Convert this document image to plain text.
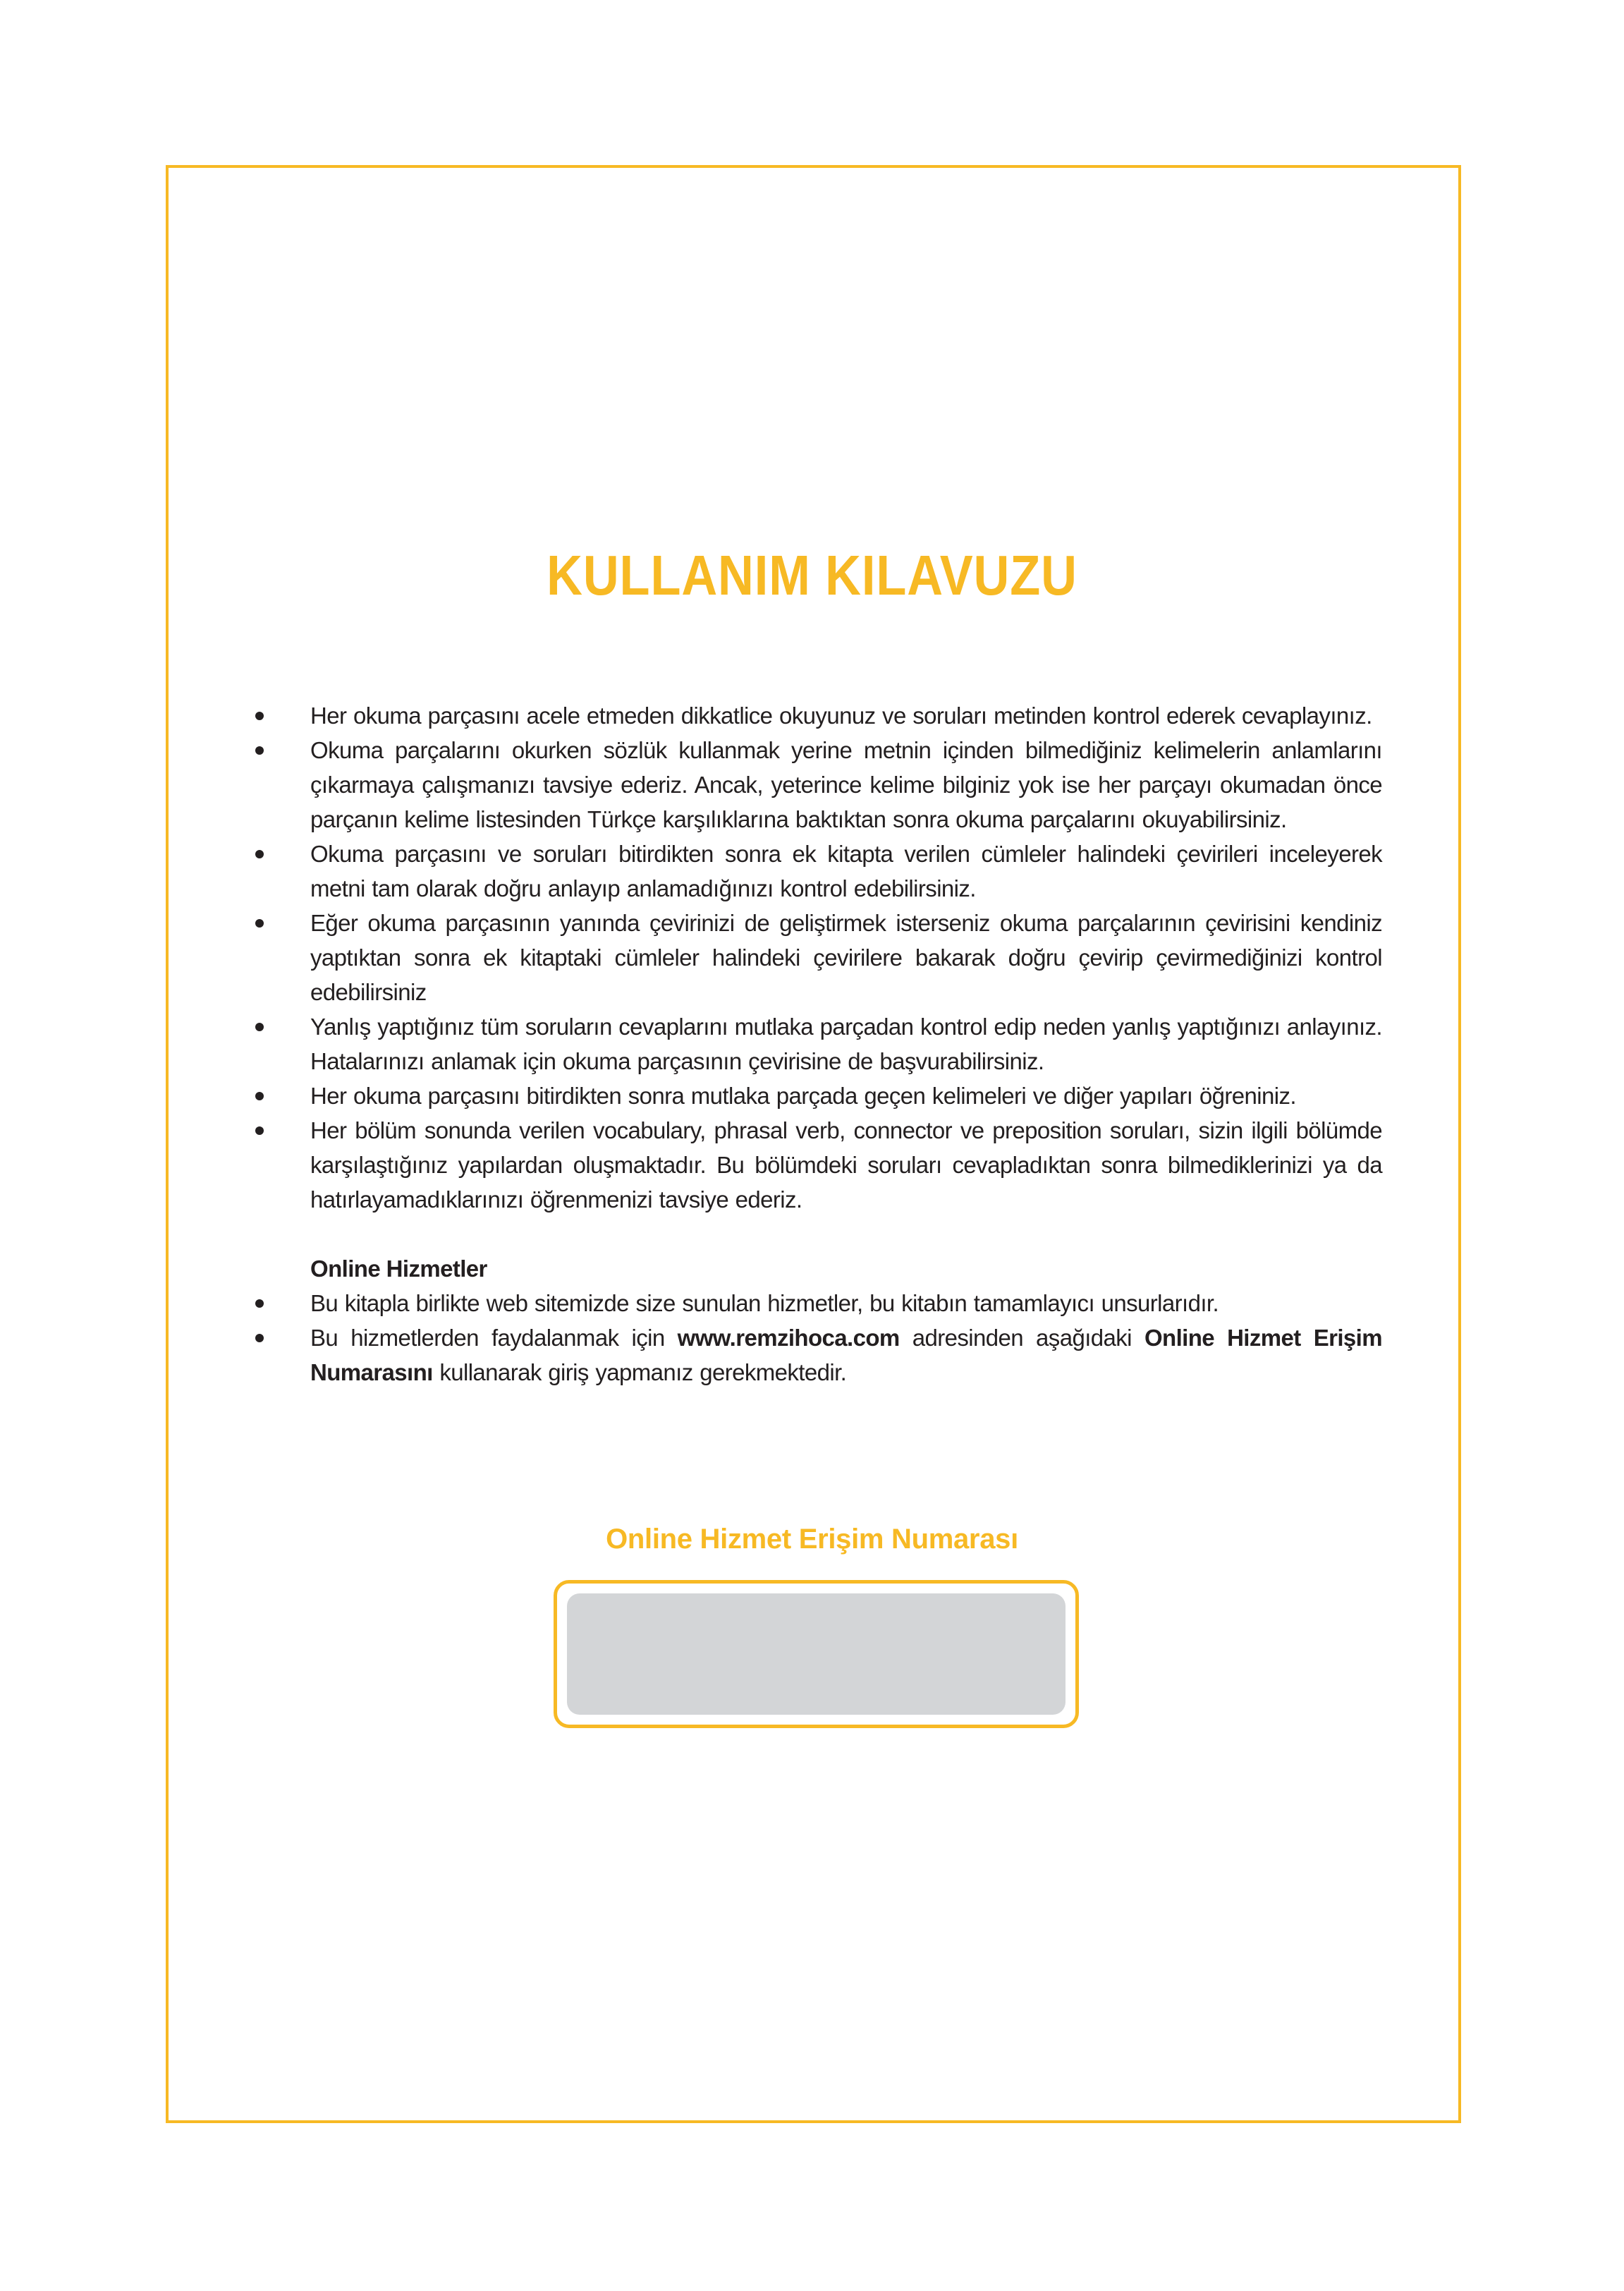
KULLANIM KILAVUZU
Her okuma parçasını acele etmeden dikkatlice okuyunuz ve soruları metinden kontrol ederek cevaplayınız.
Okuma parçalarını okurken sözlük kullanmak yerine metnin içinden bilmediğiniz kelimelerin anlamlarını çıkarmaya çalışmanızı tavsiye ederiz. Ancak, yeterince kelime bilginiz yok ise her parçayı okumadan önce parçanın kelime listesinden Türkçe karşılıklarına baktıktan sonra okuma parçalarını okuyabilirsiniz.
Okuma parçasını ve soruları bitirdikten sonra ek kitapta verilen cümleler halindeki çevirileri inceleyerek metni tam olarak doğru anlayıp anlamadığınızı kontrol edebilirsiniz.
Eğer okuma parçasının yanında çevirinizi de geliştirmek isterseniz okuma parçalarının çevirisini kendiniz yaptıktan sonra ek kitaptaki cümleler halindeki çevirilere bakarak doğru çevirip çevirmediğinizi kontrol edebilirsiniz
Yanlış yaptığınız tüm soruların cevaplarını mutlaka parçadan kontrol edip neden yanlış yaptığınızı anlayınız. Hatalarınızı anlamak için okuma parçasının çevirisine de başvurabilirsiniz.
Her okuma parçasını bitirdikten sonra mutlaka parçada geçen kelimeleri ve diğer yapıları öğreniniz.
Her bölüm sonunda verilen vocabulary, phrasal verb, connector ve preposition soruları, sizin ilgili bölümde karşılaştığınız yapılardan oluşmaktadır. Bu bölümdeki soruları cevapladıktan sonra bilmediklerinizi ya da hatırlayamadıklarınızı öğrenmenizi tavsiye ederiz.
Online Hizmetler
Bu kitapla birlikte web sitemizde size sunulan hizmetler, bu kitabın tamamlayıcı unsurlarıdır.
Bu hizmetlerden faydalanmak için www.remzihoca.com adresinden aşağıdaki Online Hizmet Erişim Numarasını kullanarak giriş yapmanız gerekmektedir.
Online Hizmet Erişim Numarası
